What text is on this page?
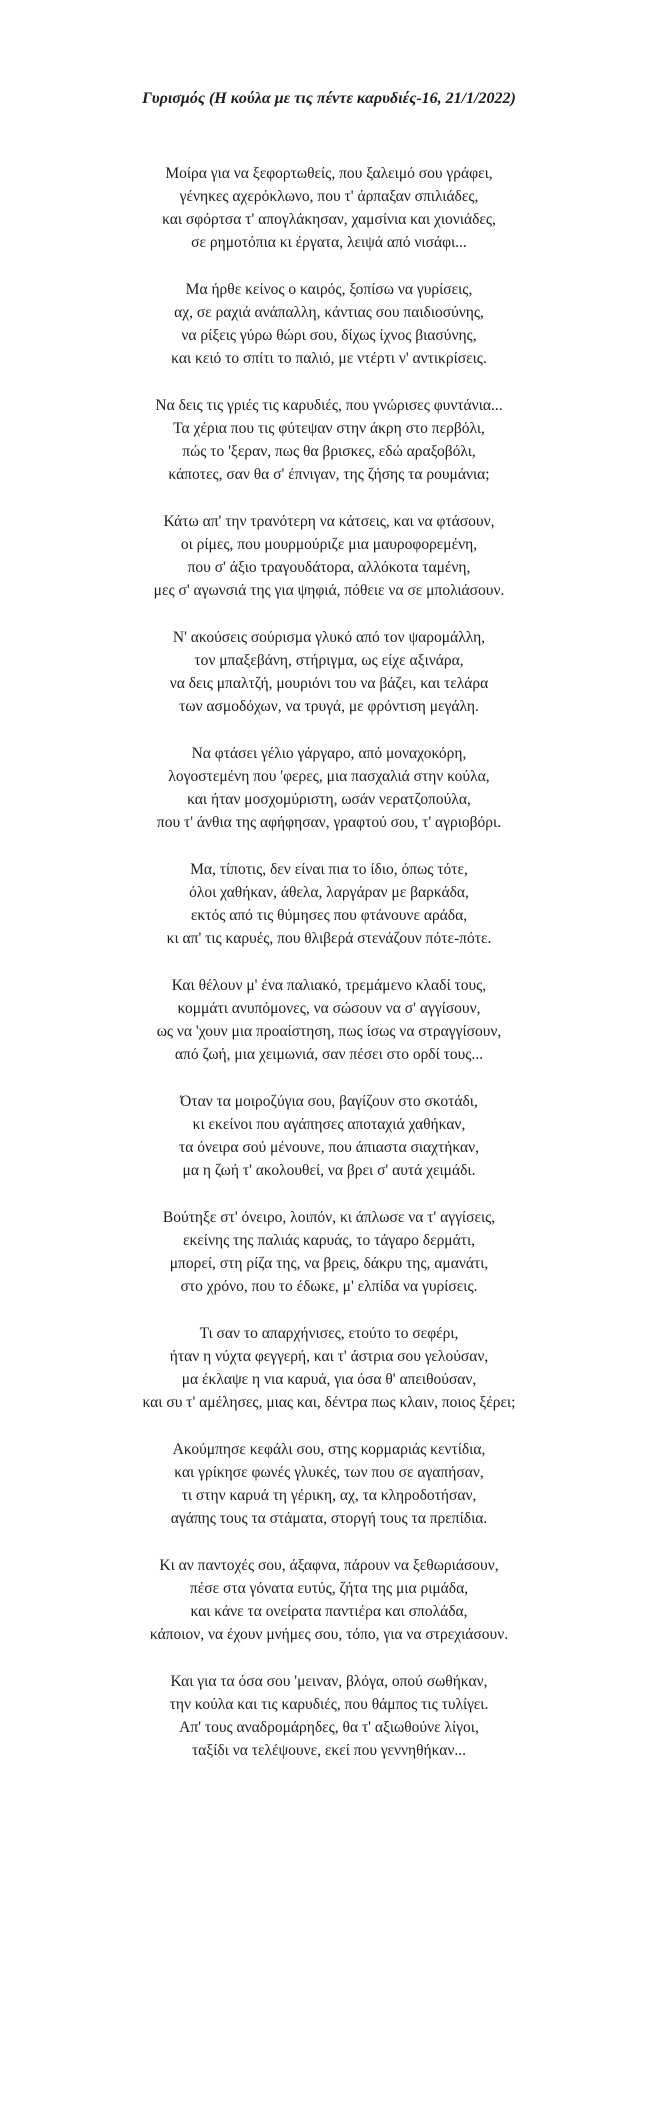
Γυρισμός (Η κούλα με τις πέντε καρυδιές-16, 21/1/2022)
Μοίρα για να ξεφορτωθείς, που ξαλειμό σου γράφει,
γένηκες αχερόκλωνο, που τ' άρπαξαν σπιλιάδες,
και σφόρτσα τ' απογλάκησαν, χαμσίνια και χιονιάδες,
σε ρημοτόπια κι έργατα, λειψά από νισάφι...
Μα ήρθε κείνος ο καιρός, ξοπίσω να γυρίσεις,
αχ, σε ραχιά ανάπαλλη, κάντιας σου παιδιοσύνης,
να ρίξεις γύρω θώρι σου, δίχως ίχνος βιασύνης,
και κειό το σπίτι το παλιό, με ντέρτι ν' αντικρίσεις.
Να δεις τις γριές τις καρυδιές, που γνώρισες φυντάνια...
Τα χέρια που τις φύτεψαν στην άκρη στο περβόλι,
πώς το 'ξεραν, πως θα βρισκες, εδώ αραξοβόλι,
κάποτες, σαν θα σ' έπνιγαν, της ζήσης τα ρουμάνια;
Κάτω απ' την τρανότερη να κάτσεις, και να φτάσουν,
οι ρίμες, που μουρμούριζε μια μαυροφορεμένη,
που σ' άξιο τραγουδάτορα, αλλόκοτα ταμένη,
μες σ' αγωνσιά της για ψηφιά, πόθειε να σε μπολιάσουν.
Ν' ακούσεις σούρισμα γλυκό από τον ψαρομάλλη,
τον μπαξεβάνη, στήριγμα, ως είχε αξινάρα,
να δεις μπαλτζή, μουριόνι του να βάζει, και τελάρα
των ασμοδόχων, να τρυγά, με φρόντιση μεγάλη.
Να φτάσει γέλιο γάργαρο, από μοναχοκόρη,
λογοστεμένη που 'φερες, μια πασχαλιά στην κούλα,
και ήταν μοσχομύριστη, ωσάν νερατζοπούλα,
που τ' άνθια της αφήφησαν, γραφτού σου, τ' αγριοβόρι.
Μα, τίποτις, δεν είναι πια το ίδιο, όπως τότε,
όλοι χαθήκαν, άθελα, λαργάραν με βαρκάδα,
εκτός από τις θύμησες που φτάνουνε αράδα,
κι απ' τις καρυές, που θλιβερά στενάζουν πότε-πότε.
Και θέλουν μ' ένα παλιακό, τρεμάμενο κλαδί τους,
κομμάτι ανυπόμονες, να σώσουν να σ' αγγίσουν,
ως να 'χουν μια προαίστηση, πως ίσως να στραγγίσουν,
από ζωή, μια χειμωνιά, σαν πέσει στο ορδί τους...
Όταν τα μοιροζύγια σου, βαγίζουν στο σκοτάδι,
κι εκείνοι που αγάπησες αποταχιά χαθήκαν,
τα όνειρα σού μένουνε, που άπιαστα σιαχτήκαν,
μα η ζωή τ' ακολουθεί, να βρει σ' αυτά χειμάδι.
Βούτηξε στ' όνειρο, λοιπόν, κι άπλωσε να τ' αγγίσεις,
εκείνης της παλιάς καρυάς, το τάγαρο δερμάτι,
μπορεί, στη ρίζα της, να βρεις, δάκρυ της, αμανάτι,
στο χρόνο, που το έδωκε, μ' ελπίδα να γυρίσεις.
Τι σαν το απαρχήνισες, ετούτο το σεφέρι,
ήταν η νύχτα φεγγερή, και τ' άστρια σου γελούσαν,
μα έκλαψε η νια καρυά, για όσα θ' απειθούσαν,
και συ τ' αμέλησες, μιας και, δέντρα πως κλαιν, ποιος ξέρει;
Ακούμπησε κεφάλι σου, στης κορμαριάς κεντίδια,
και γρίκησε φωνές γλυκές, των που σε αγαπήσαν,
τι στην καρυά τη γέρικη, αχ, τα κληροδοτήσαν,
αγάπης τους τα στάματα, στοργή τους τα πρεπίδια.
Κι αν παντοχές σου, άξαφνα, πάρουν να ξεθωριάσουν,
πέσε στα γόνατα ευτύς, ζήτα της μια ριμάδα,
και κάνε τα ονείρατα παντιέρα και σπολάδα,
κάποιον, να έχουν μνήμες σου, τόπο, για να στρεχιάσουν.
Και για τα όσα σου 'μειναν, βλόγα, οπού σωθήκαν,
την κούλα και τις καρυδιές, που θάμπος τις τυλίγει.
Απ' τους αναδρομάρηδες, θα τ' αξιωθούνε λίγοι,
ταξίδι να τελέψουνε, εκεί που γεννηθήκαν...
